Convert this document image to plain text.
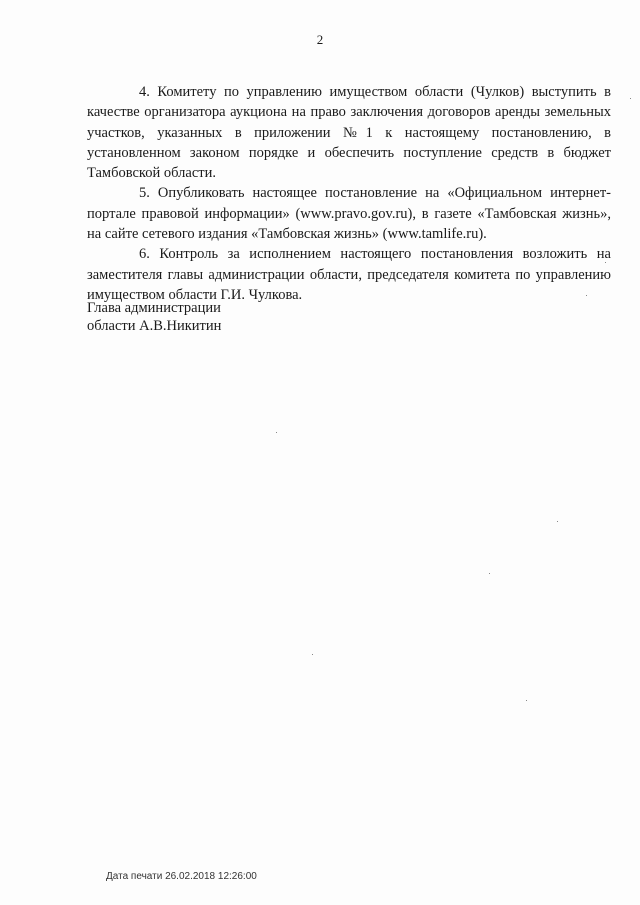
2

4. Комитету по управлению имуществом области (Чулков) выступить в качестве организатора аукциона на право заключения договоров аренды земельных участков, указанных в приложении №1 к настоящему постановлению, в установленном законом порядке и обеспечить поступление средств в бюджет Тамбовской области.

5. Опубликовать настоящее постановление на «Официальном интернет-портале правовой информации» (www.pravo.gov.ru), в газете «Тамбовская жизнь», на сайте сетевого издания «Тамбовская жизнь» (www.tamlife.ru).

6. Контроль за исполнением настоящего постановления возложить на заместителя главы администрации области, председателя комитета по управлению имуществом области Г.И. Чулкова.

Глава администрации
области А.В.Никитин
Дата печати 26.02.2018 12:26:00
